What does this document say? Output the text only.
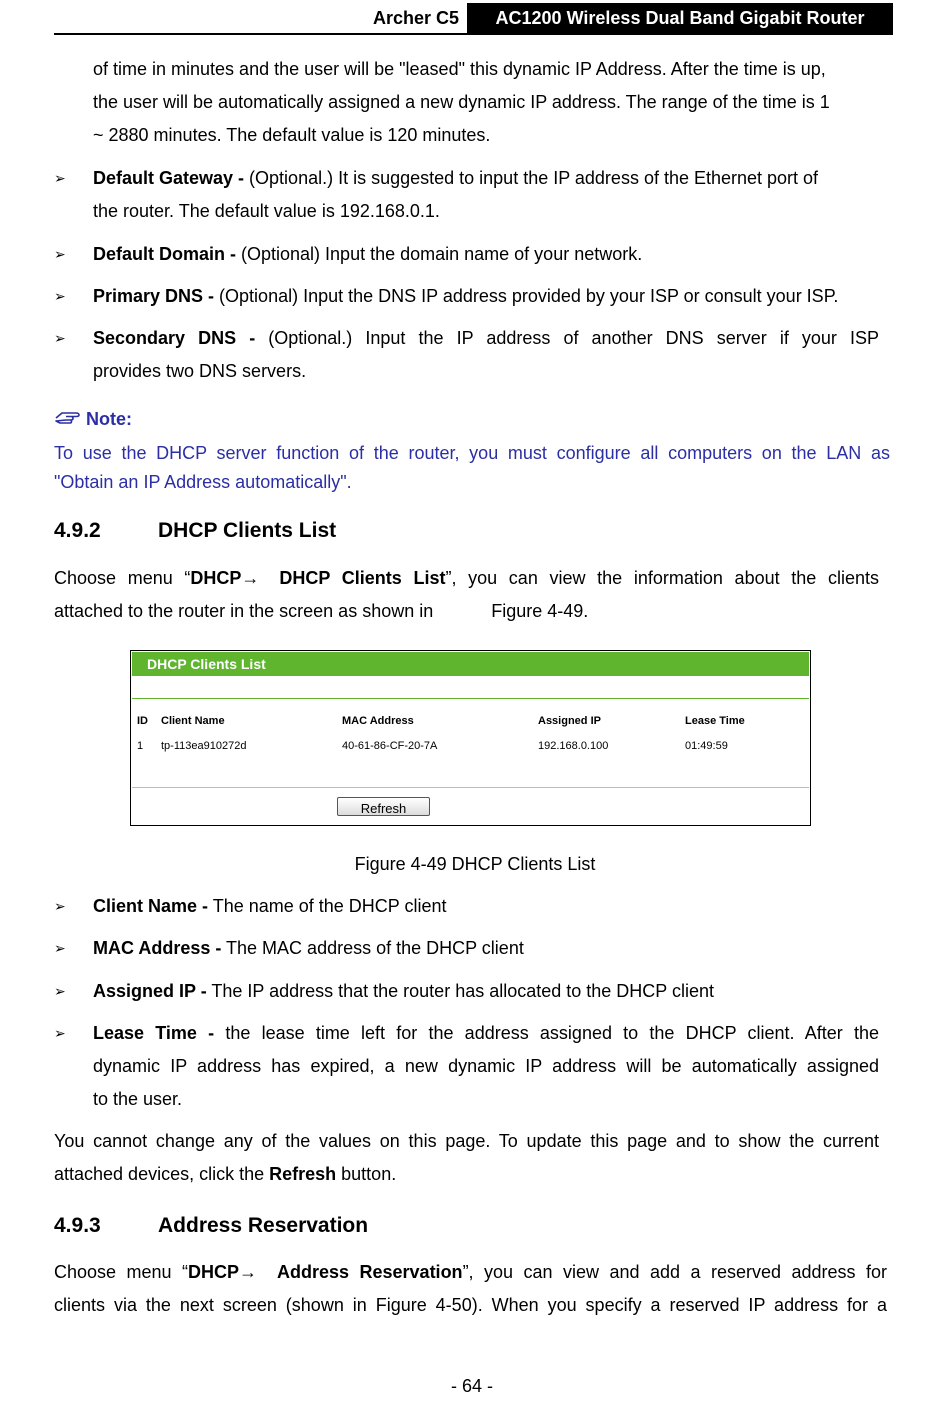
Archer C5	AC1200 Wireless Dual Band Gigabit Router
of time in minutes and the user will be "leased" this dynamic IP Address. After the time is up,
the user will be automatically assigned a new dynamic IP address. The range of the time is 1
~ 2880 minutes. The default value is 120 minutes.
➢ Default Gateway - (Optional.) It is suggested to input the IP address of the Ethernet port of
the router. The default value is 192.168.0.1.
➢ Default Domain - (Optional) Input the domain name of your network.
➢ Primary DNS - (Optional) Input the DNS IP address provided by your ISP or consult your ISP.
➢ Secondary DNS - (Optional.) Input the IP address of another DNS server if your ISP
provides two DNS servers.
Note:
To use the DHCP server function of the router, you must configure all computers on the LAN as
"Obtain an IP Address automatically".
4.9.2	DHCP Clients List
Choose menu “DHCP→ DHCP Clients List”, you can view the information about the clients
attached to the router in the screen as shown in	Figure 4-49.
DHCP Clients List
ID Client Name	MAC Address	Assigned IP	Lease Time
1 tp-113ea910272d	40-61-86-CF-20-7A	192.168.0.100	01:49:59
Refresh
Figure 4-49 DHCP Clients List
➢ Client Name - The name of the DHCP client
➢ MAC Address - The MAC address of the DHCP client
➢ Assigned IP - The IP address that the router has allocated to the DHCP client
➢ Lease Time - the lease time left for the address assigned to the DHCP client. After the
dynamic IP address has expired, a new dynamic IP address will be automatically assigned
to the user.
You cannot change any of the values on this page. To update this page and to show the current
attached devices, click the Refresh button.
4.9.3	Address Reservation
Choose menu “DHCP→ Address Reservation”, you can view and add a reserved address for
clients via the next screen (shown in Figure 4-50). When you specify a reserved IP address for a
- 64 -
